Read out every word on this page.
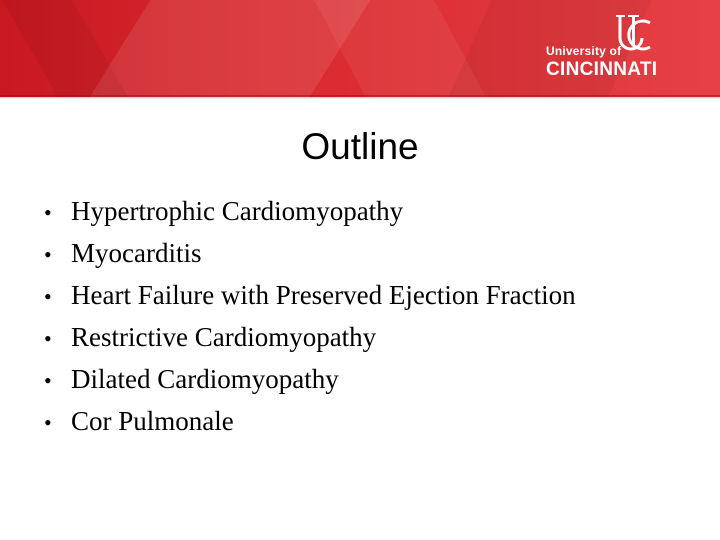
University of
CINCINNATI
Outline
• Hypertrophic Cardiomyopathy
• Myocarditis
• Heart Failure with Preserved Ejection Fraction
• Restrictive Cardiomyopathy
• Dilated Cardiomyopathy
• Cor Pulmonale
